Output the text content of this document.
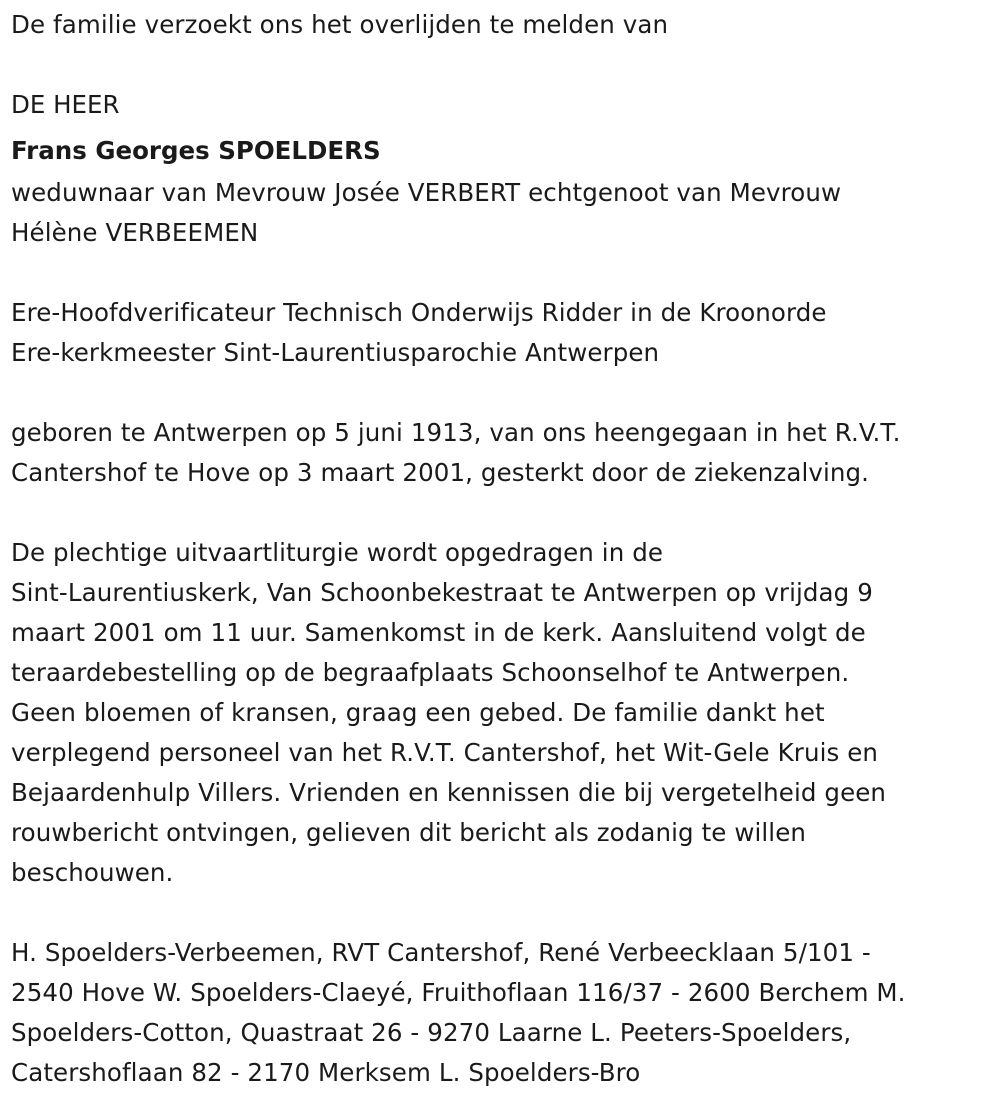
De familie verzoekt ons het overlijden te melden van
DE HEER
Frans Georges SPOELDERS
weduwnaar van Mevrouw Josée VERBERT echtgenoot van Mevrouw
Hélène VERBEEMEN
Ere-Hoofdverificateur Technisch Onderwijs Ridder in de Kroonorde
Ere-kerkmeester Sint-Laurentiusparochie Antwerpen
geboren te Antwerpen op 5 juni 1913, van ons heengegaan in het R.V.T.
Cantershof te Hove op 3 maart 2001, gesterkt door de ziekenzalving.
De plechtige uitvaartliturgie wordt opgedragen in de
Sint-Laurentiuskerk, Van Schoonbekestraat te Antwerpen op vrijdag 9
maart 2001 om 11 uur. Samenkomst in de kerk. Aansluitend volgt de
teraardebestelling op de begraafplaats Schoonselhof te Antwerpen.
Geen bloemen of kransen, graag een gebed. De familie dankt het
verplegend personeel van het R.V.T. Cantershof, het Wit-Gele Kruis en
Bejaardenhulp Villers. Vrienden en kennissen die bij vergetelheid geen
rouwbericht ontvingen, gelieven dit bericht als zodanig te willen
beschouwen.
H. Spoelders-Verbeemen, RVT Cantershof, René Verbeecklaan 5/101 -
2540 Hove W. Spoelders-Claeyé, Fruithoflaan 116/37 - 2600 Berchem M.
Spoelders-Cotton, Quastraat 26 - 9270 Laarne L. Peeters-Spoelders,
Catershoflaan 82 - 2170 Merksem L. Spoelders-Bro
